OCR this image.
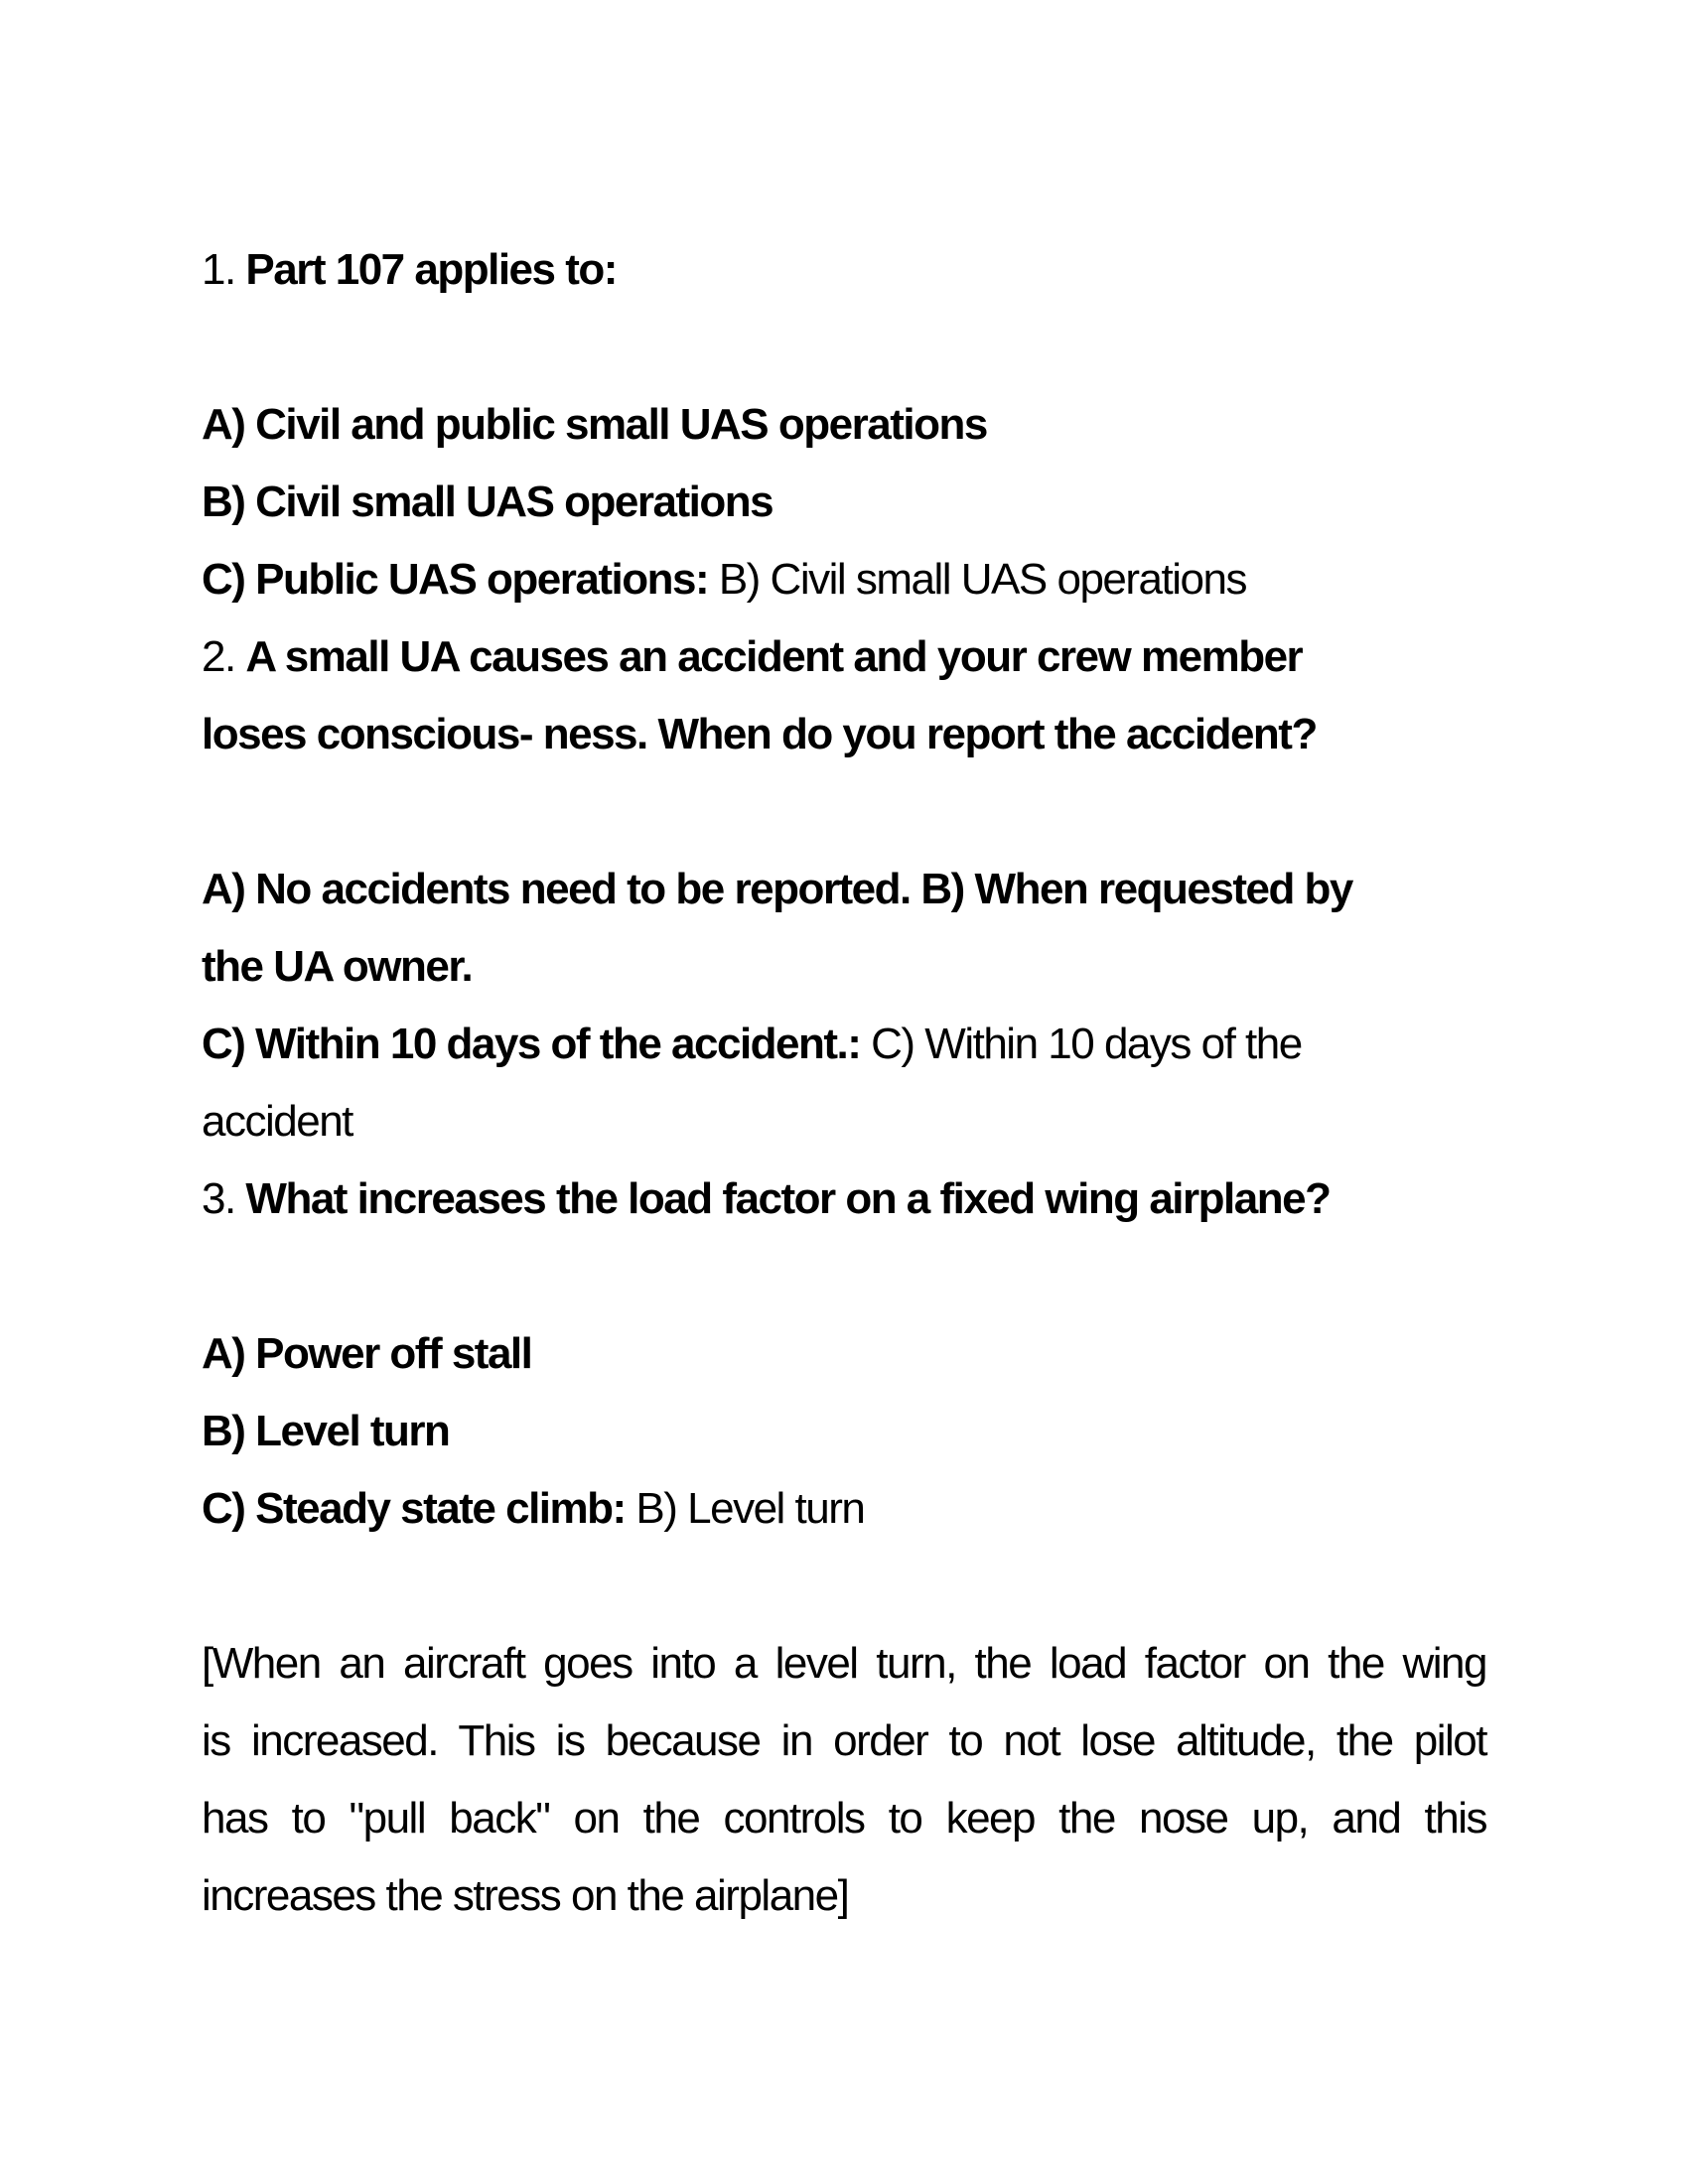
1. Part 107 applies to:
A) Civil and public small UAS operations
B) Civil small UAS operations
C) Public UAS operations: B) Civil small UAS operations
2. A small UA causes an accident and your crew member
loses conscious- ness. When do you report the accident?
A) No accidents need to be reported. B) When requested by
the UA owner.
C) Within 10 days of the accident.: C) Within 10 days of the
accident
3. What increases the load factor on a fixed wing airplane?
A) Power off stall
B) Level turn
C) Steady state climb: B) Level turn
[When an aircraft goes into a level turn, the load factor on the wing
is increased. This is because in order to not lose altitude, the pilot
has to "pull back" on the controls to keep the nose up, and this
increases the stress on the airplane]
